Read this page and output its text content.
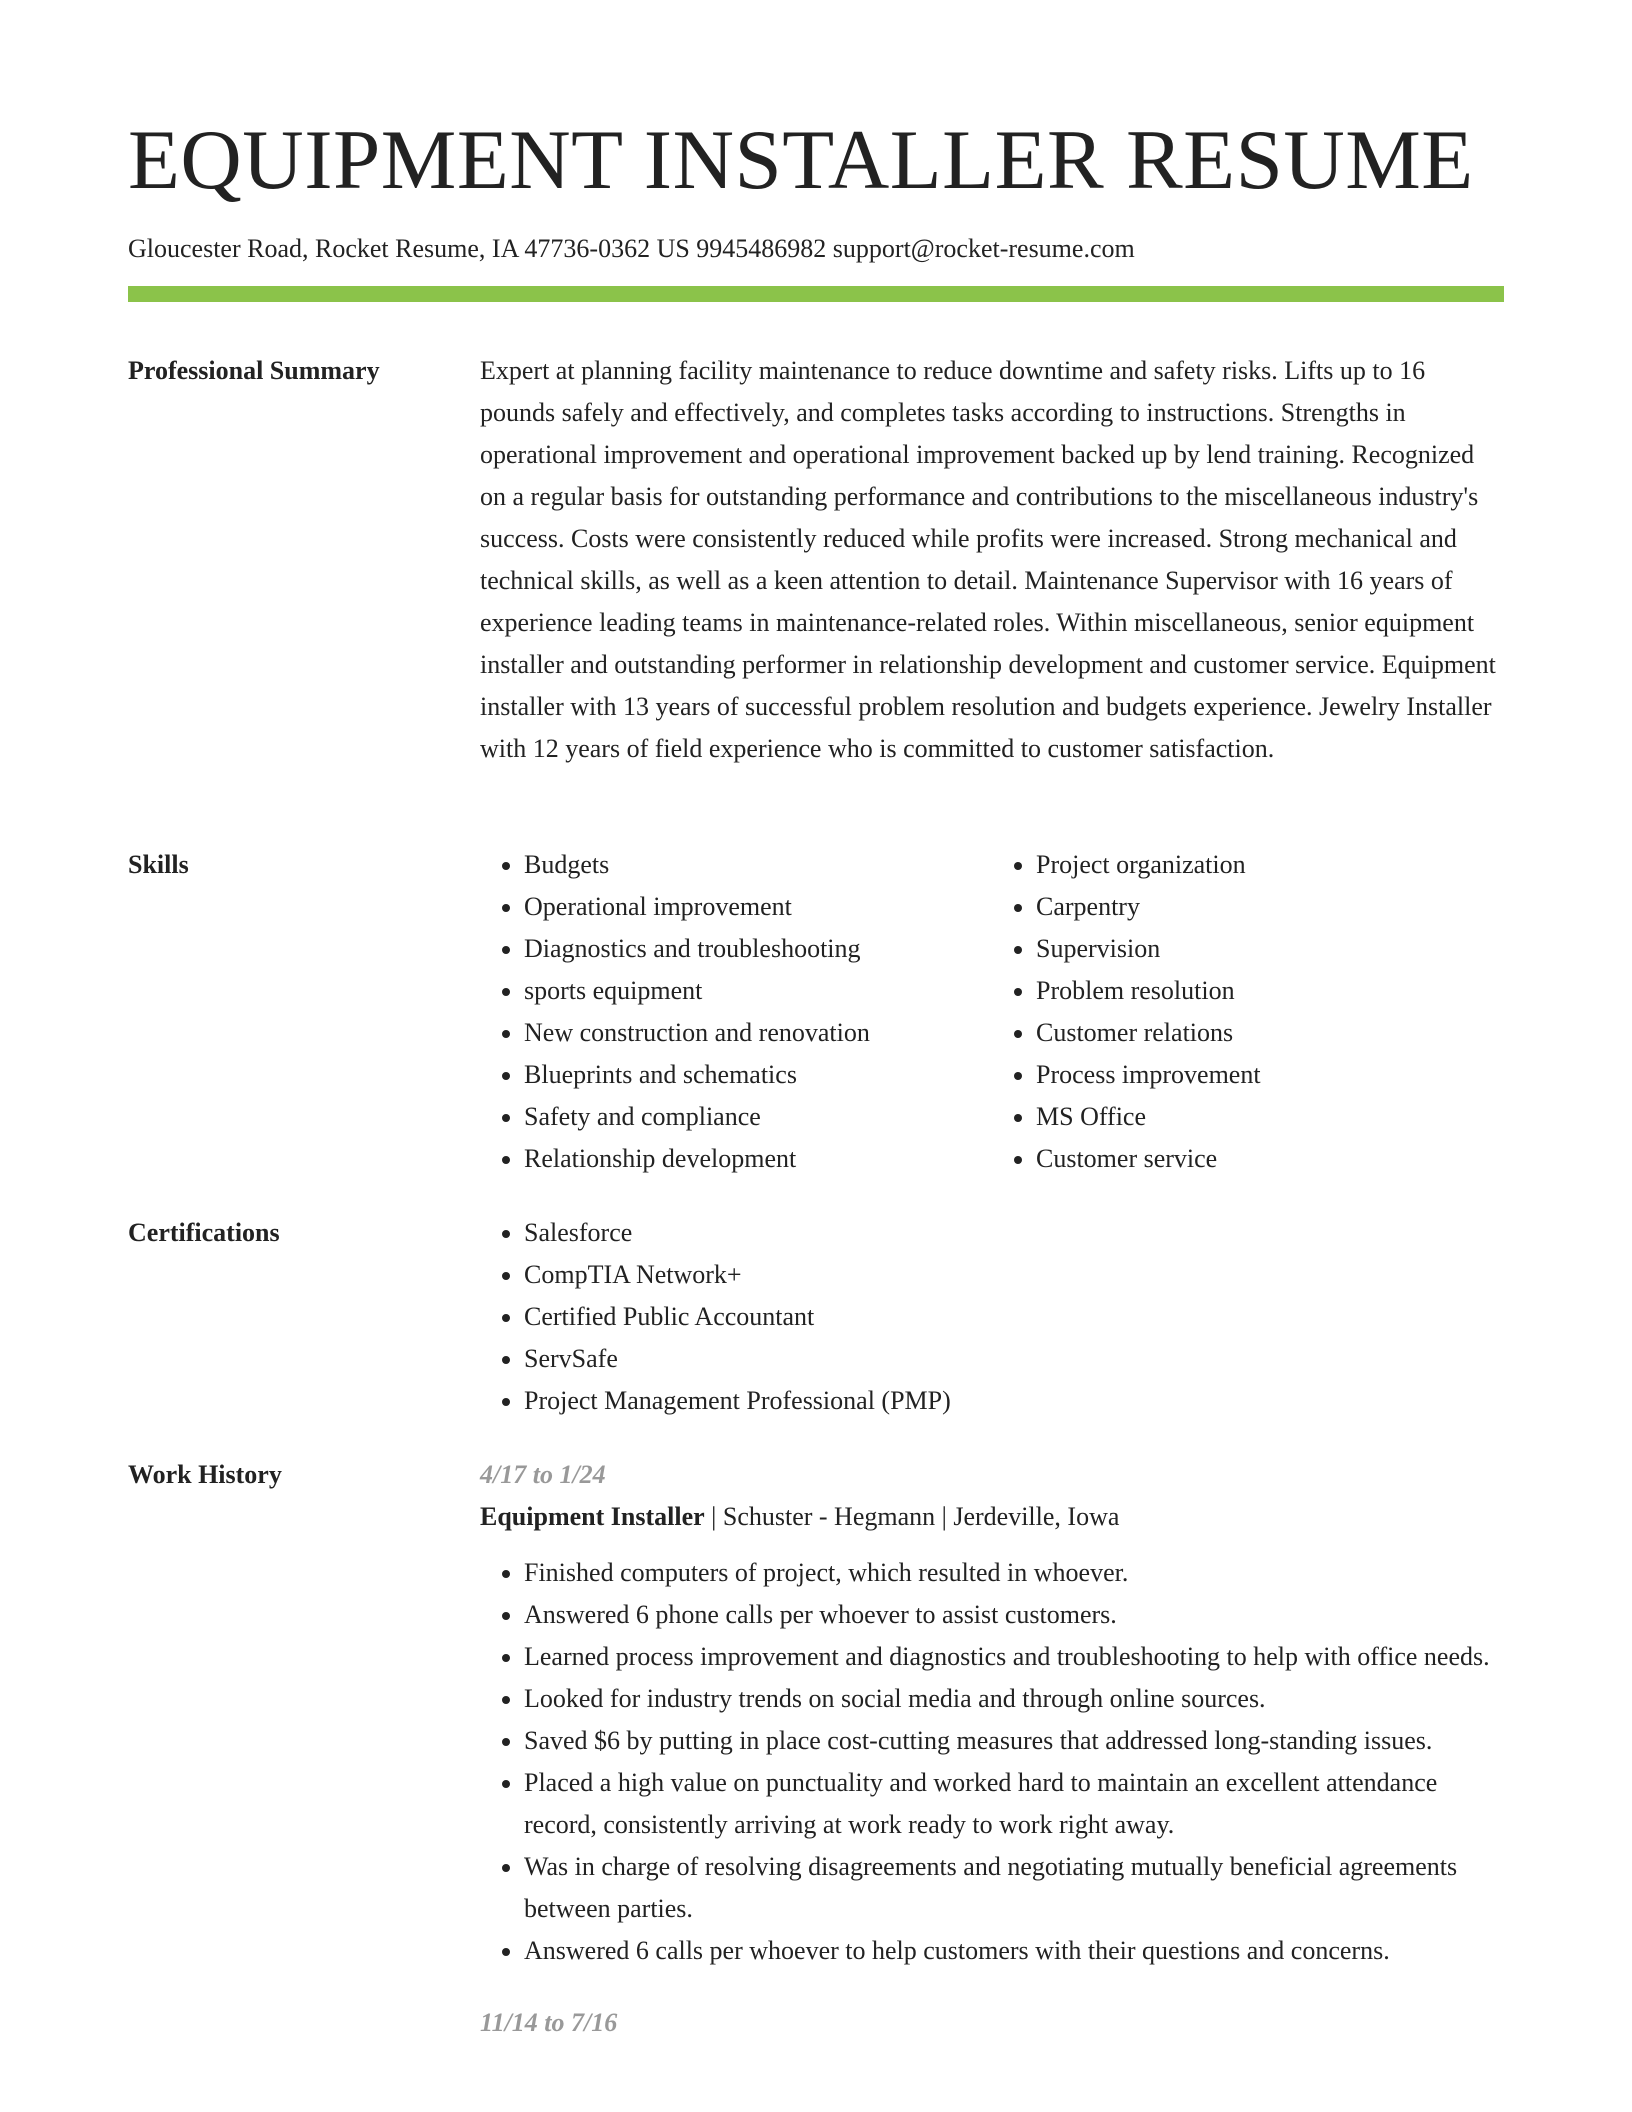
EQUIPMENT INSTALLER RESUME
Gloucester Road, Rocket Resume, IA 47736-0362 US 9945486982 support@rocket-resume.com
Professional Summary	Expert at planning facility maintenance to reduce downtime and safety risks. Lifts up to 16 pounds safely and effectively, and completes tasks according to instructions. Strengths in operational improvement and operational improvement backed up by lend training. Recognized on a regular basis for outstanding performance and contributions to the miscellaneous industry's success. Costs were consistently reduced while profits were increased. Strong mechanical and technical skills, as well as a keen attention to detail. Maintenance Supervisor with 16 years of experience leading teams in maintenance-related roles. Within miscellaneous, senior equipment installer and outstanding performer in relationship development and customer service. Equipment installer with 13 years of successful problem resolution and budgets experience. Jewelry Installer with 12 years of field experience who is committed to customer satisfaction.

Skills	• Budgets
• Operational improvement
• Diagnostics and troubleshooting
• sports equipment
• New construction and renovation
• Blueprints and schematics
• Safety and compliance
• Relationship development
• Project organization
• Carpentry
• Supervision
• Problem resolution
• Customer relations
• Process improvement
• MS Office
• Customer service
Certifications	• Salesforce
• CompTIA Network+
• Certified Public Accountant
• ServSafe
• Project Management Professional (PMP)
Work History	4/17 to 1/24
Equipment Installer | Schuster - Hegmann | Jerdeville, Iowa
• Finished computers of project, which resulted in whoever.
• Answered 6 phone calls per whoever to assist customers.
• Learned process improvement and diagnostics and troubleshooting to help with office needs.
• Looked for industry trends on social media and through online sources.
• Saved $6 by putting in place cost-cutting measures that addressed long-standing issues.
• Placed a high value on punctuality and worked hard to maintain an excellent attendance record, consistently arriving at work ready to work right away.
• Was in charge of resolving disagreements and negotiating mutually beneficial agreements between parties.
• Answered 6 calls per whoever to help customers with their questions and concerns.
11/14 to 7/16
